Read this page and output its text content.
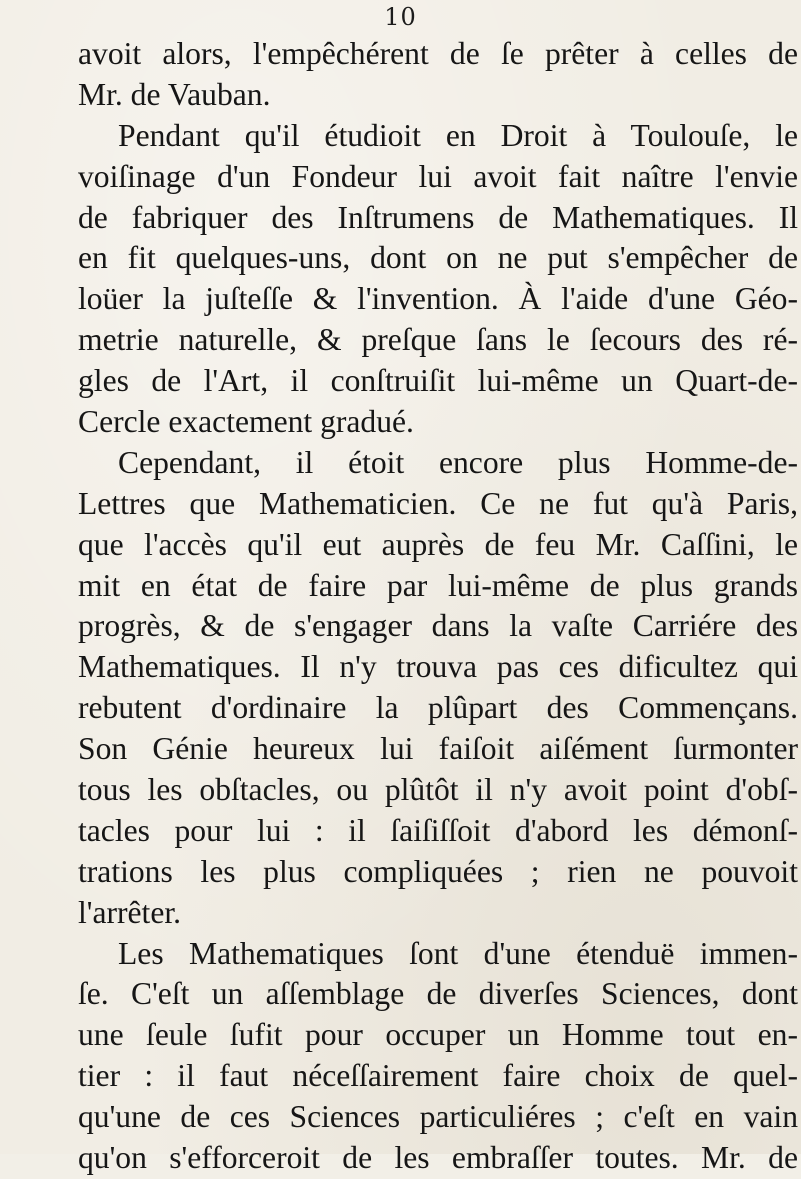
10
avoit alors, l'empêchérent de ſe prêter à celles de
Mr. de Vauban.
Pendant qu'il étudioit en Droit à Toulouſe, le
voiſinage d'un Fondeur lui avoit fait naître l'envie
de fabriquer des Inſtrumens de Mathematiques. Il
en fit quelques-uns, dont on ne put s'empêcher de
loüer la juſteſſe & l'invention. À l'aide d'une Géo-
metrie naturelle, & preſque ſans le ſecours des ré-
gles de l'Art, il conſtruiſit lui-même un Quart-de-
Cercle exactement gradué.
Cependant, il étoit encore plus Homme-de-
Lettres que Mathematicien. Ce ne fut qu'à Paris,
que l'accès qu'il eut auprès de feu Mr. Caſſini, le
mit en état de faire par lui-même de plus grands
progrès, & de s'engager dans la vaſte Carriére des
Mathematiques. Il n'y trouva pas ces dificultez qui
rebutent d'ordinaire la plûpart des Commençans.
Son Génie heureux lui faiſoit aiſément ſurmonter
tous les obſtacles, ou plûtôt il n'y avoit point d'obſ-
tacles pour lui : il ſaiſiſſoit d'abord les démonſ-
trations les plus compliquées ; rien ne pouvoit
l'arrêter.
Les Mathematiques ſont d'une étenduë immen-
ſe. C'eſt un aſſemblage de diverſes Sciences, dont
une ſeule ſufit pour occuper un Homme tout en-
tier : il faut néceſſairement faire choix de quel-
qu'une de ces Sciences particuliéres ; c'eſt en vain
qu'on s'efforceroit de les embraſſer toutes. Mr. de
